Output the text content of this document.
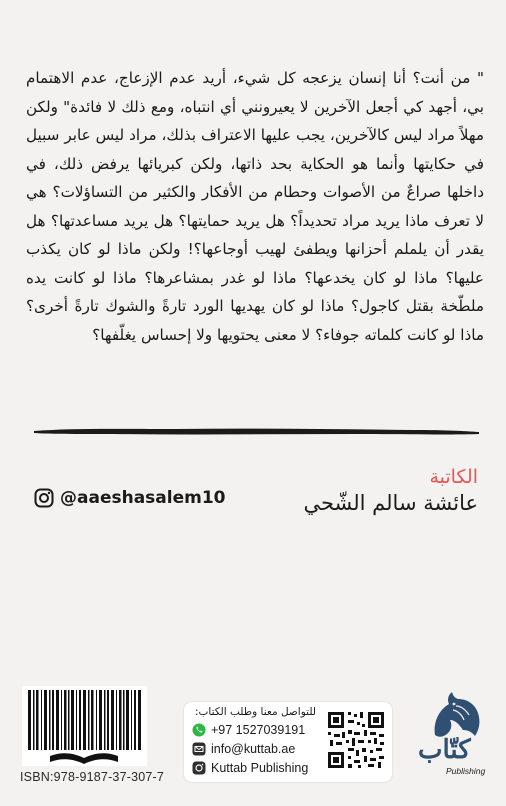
" من أنت؟ أنا إنسان يزعجه كل شيء، أريد عدم الإزعاج، عدم الاهتمام بي، أجهد كي أجعل الآخرين لا يعيرونني أي انتباه، ومع ذلك لا فائدة" ولكن مهلاً مراد ليس كالآخرين، يجب عليها الاعتراف بذلك، مراد ليس عابر سبيل في حكايتها وأنما هو الحكاية بحد ذاتها، ولكن كبريائها يرفض ذلك، في داخلها صراعٌ من الأصوات وحطام من الأفكار والكثير من التساؤلات؟ هي لا تعرف ماذا يريد مراد تحديداً؟ هل يريد حمايتها؟ هل يريد مساعدتها؟ هل يقدر أن يلملم أحزانها ويطفئ لهيب أوجاعها؟! ولكن ماذا لو كان يكذب عليها؟ ماذا لو كان يخدعها؟ ماذا لو غدر بمشاعرها؟ ماذا لو كانت يده ملطّخة بقتل كاجول؟ ماذا لو كان يهديها الورد تارةً والشوك تارةً أخرى؟ ماذا لو كانت كلماته جوفاء؟ لا معنى يحتويها ولا إحساس يغلّفها؟

الكاتبة
عائشة سالم الشّحي
@aaeshasalem10
ISBN:978-9187-37-307-7
للتواصل معنا وطلب الكتاب:
+97 1527039191
info@kuttab.ae
Kuttab Publishing
كتّاب
Publishing
